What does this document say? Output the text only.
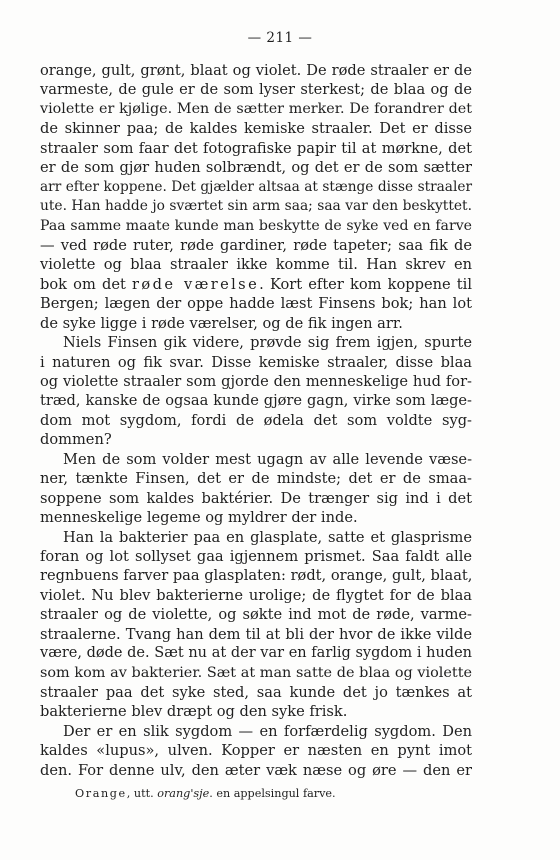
— 211 —
orange, gult, grønt, blaat og violet. De røde straaler er de
varmeste, de gule er de som lyser sterkest; de blaa og de
violette er kjølige. Men de sætter merker. De forandrer det
de skinner paa; de kaldes kemiske straaler. Det er disse
straaler som faar det fotografiske papir til at mørkne, det
er de som gjør huden solbrændt, og det er de som sætter
arr efter koppene. Det gjælder altsaa at stænge disse straaler
ute. Han hadde jo sværtet sin arm saa; saa var den beskyttet.
Paa samme maate kunde man beskytte de syke ved en farve
— ved røde ruter, røde gardiner, røde tapeter; saa fik de
violette og blaa straaler ikke komme til. Han skrev en
bok om det røde værelse. Kort efter kom koppene til
Bergen; lægen der oppe hadde læst Finsens bok; han lot
de syke ligge i røde værelser, og de fik ingen arr.
Niels Finsen gik videre, prøvde sig frem igjen, spurte
i naturen og fik svar. Disse kemiske straaler, disse blaa
og violette straaler som gjorde den menneskelige hud for-
træd, kanske de ogsaa kunde gjøre gagn, virke som læge-
dom mot sygdom, fordi de ødela det som voldte syg-
dommen?
Men de som volder mest ugagn av alle levende væse-
ner, tænkte Finsen, det er de mindste; det er de smaa-
soppene som kaldes baktérier. De trænger sig ind i det
menneskelige legeme og myldrer der inde.
Han la bakterier paa en glasplate, satte et glasprisme
foran og lot sollyset gaa igjennem prismet. Saa faldt alle
regnbuens farver paa glasplaten: rødt, orange, gult, blaat,
violet. Nu blev bakterierne urolige; de flygtet for de blaa
straaler og de violette, og søkte ind mot de røde, varme-
straalerne. Tvang han dem til at bli der hvor de ikke vilde
være, døde de. Sæt nu at der var en farlig sygdom i huden
som kom av bakterier. Sæt at man satte de blaa og violette
straaler paa det syke sted, saa kunde det jo tænkes at
bakterierne blev dræpt og den syke frisk.
Der er en slik sygdom — en forfærdelig sygdom. Den
kaldes «lupus», ulven. Kopper er næsten en pynt imot
den. For denne ulv, den æter væk næse og øre — den er
Orange, utt. orang'sje. en appelsingul farve.
